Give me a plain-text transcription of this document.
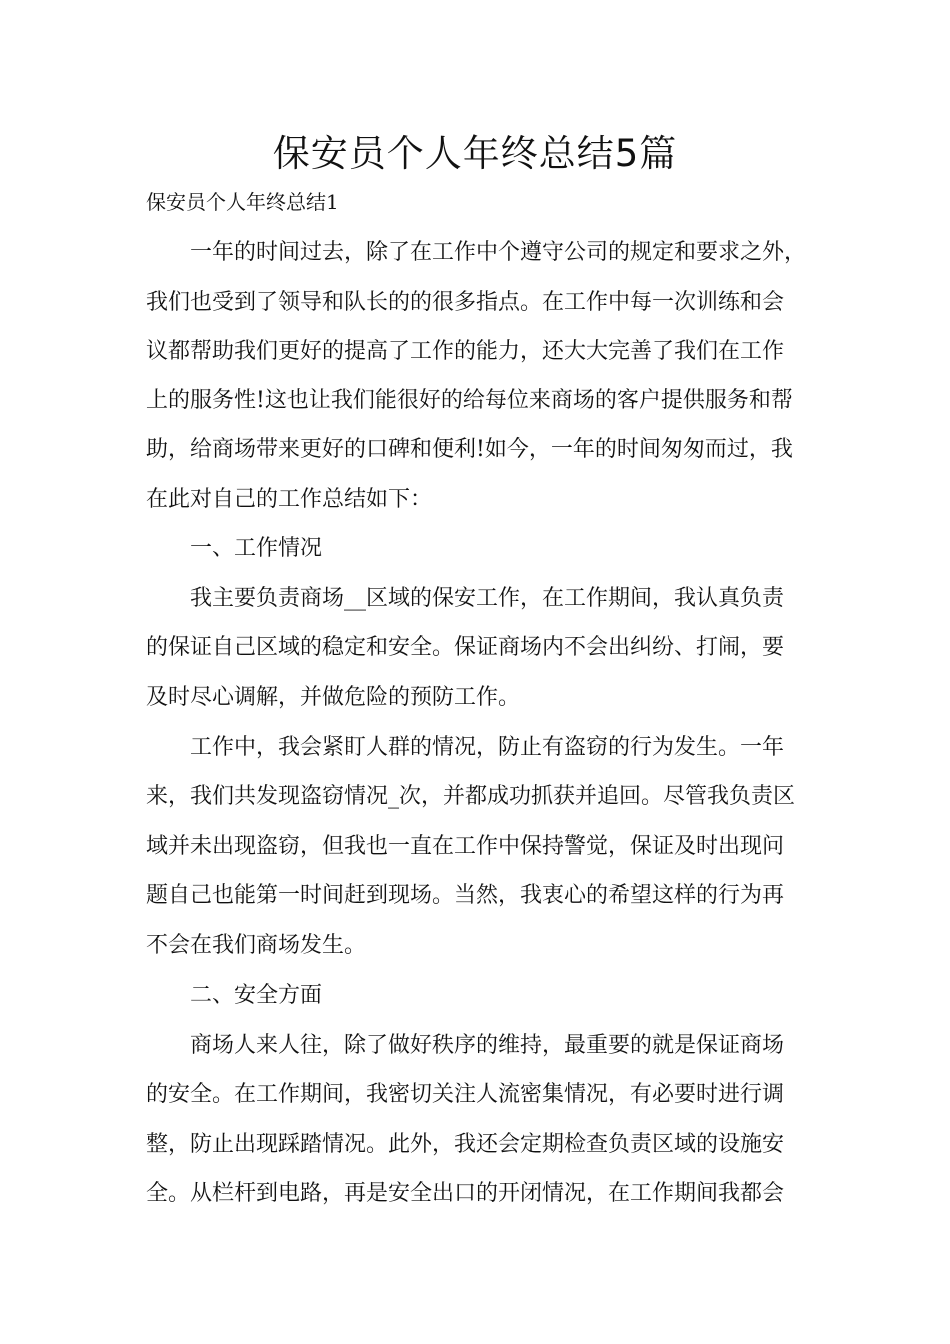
保安员个人年终总结5篇
保安员个人年终总结1
一年的时间过去，除了在工作中个遵守公司的规定和要求之外，
我们也受到了领导和队长的的很多指点。在工作中每一次训练和会
议都帮助我们更好的提高了工作的能力，还大大完善了我们在工作
上的服务性!这也让我们能很好的给每位来商场的客户提供服务和帮
助，给商场带来更好的口碑和便利!如今，一年的时间匆匆而过，我
在此对自己的工作总结如下：
一、工作情况
我主要负责商场__区域的保安工作，在工作期间，我认真负责
的保证自己区域的稳定和安全。保证商场内不会出纠纷、打闹，要
及时尽心调解，并做危险的预防工作。
工作中，我会紧盯人群的情况，防止有盗窃的行为发生。一年
来，我们共发现盗窃情况_次，并都成功抓获并追回。尽管我负责区
域并未出现盗窃，但我也一直在工作中保持警觉，保证及时出现问
题自己也能第一时间赶到现场。当然，我衷心的希望这样的行为再
不会在我们商场发生。
二、安全方面
商场人来人往，除了做好秩序的维持，最重要的就是保证商场
的安全。在工作期间，我密切关注人流密集情况，有必要时进行调
整，防止出现踩踏情况。此外，我还会定期检查负责区域的设施安
全。从栏杆到电路，再是安全出口的开闭情况，在工作期间我都会
